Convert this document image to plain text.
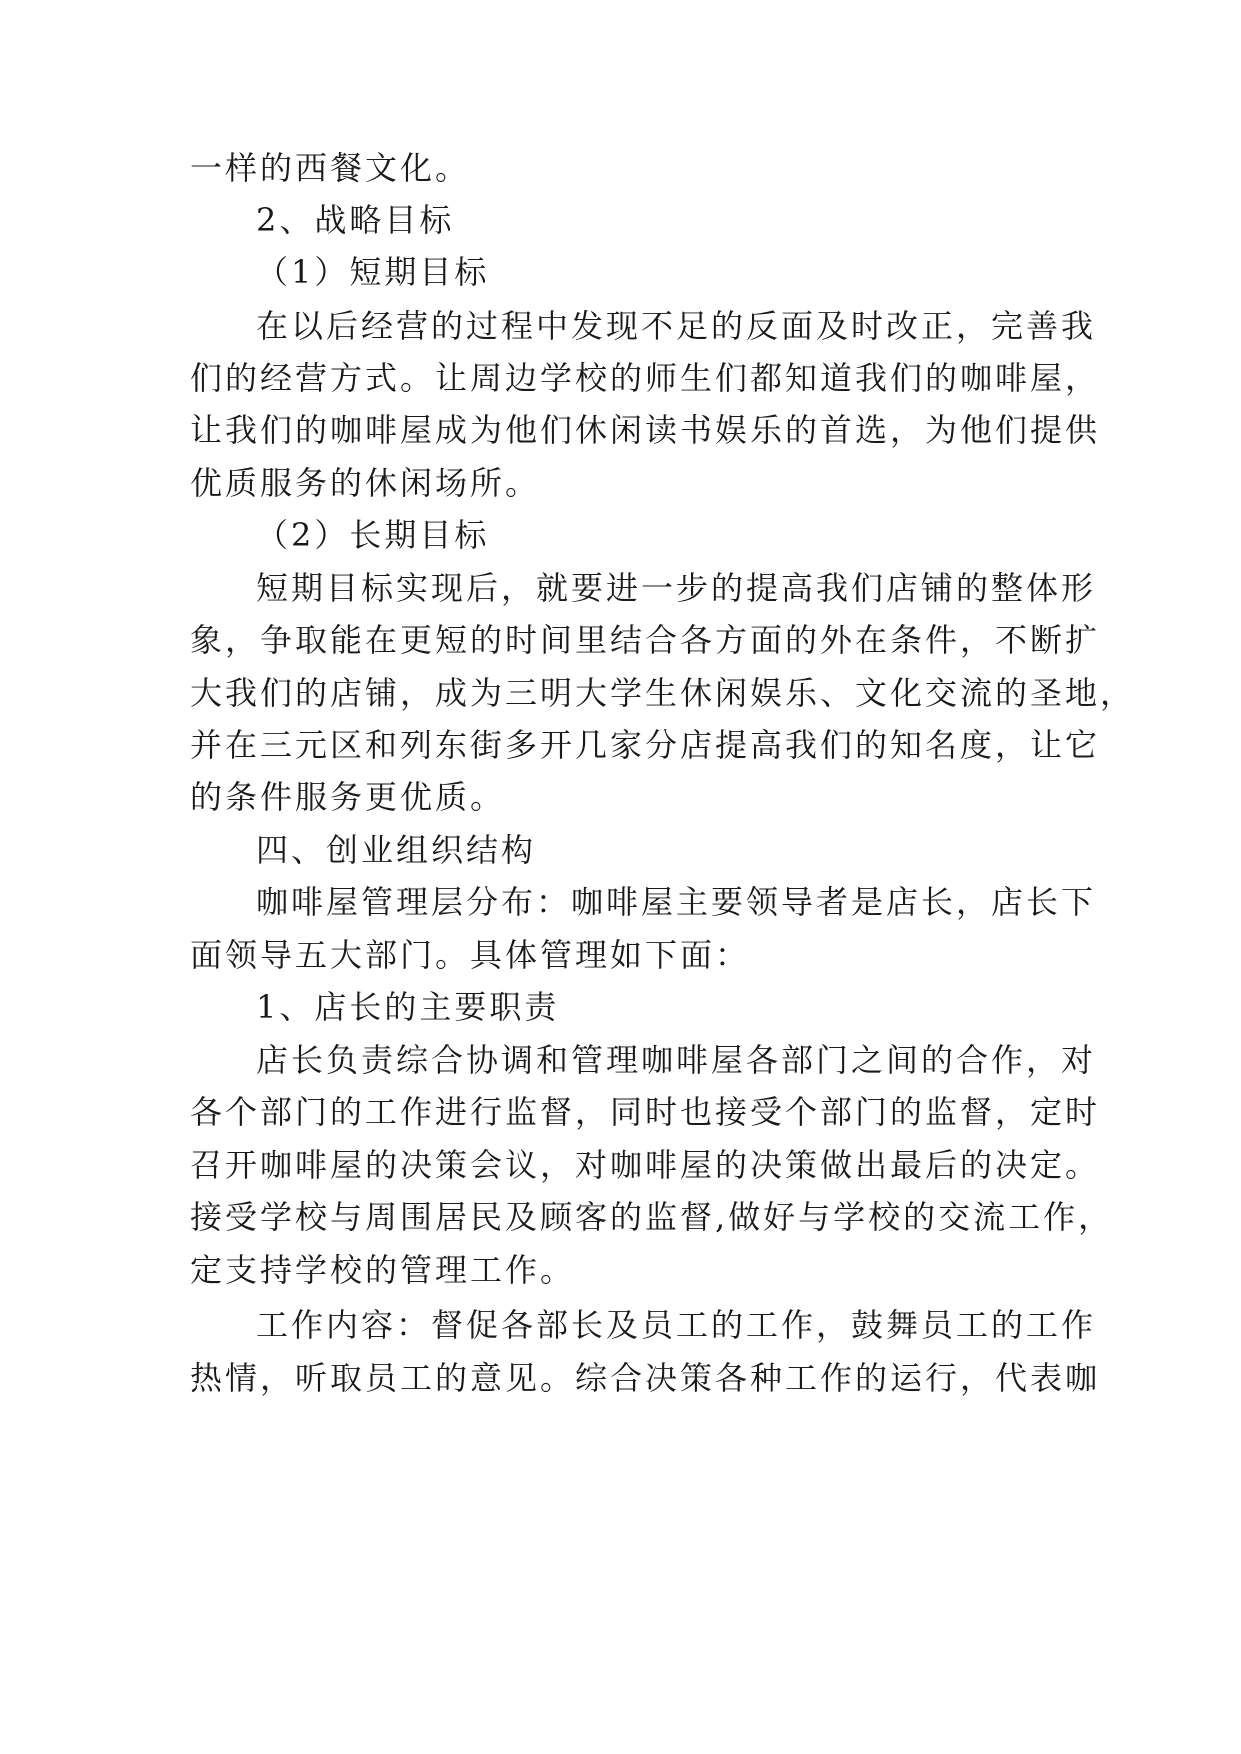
一样的西餐文化。
2、战略目标
（1）短期目标
在以后经营的过程中发现不足的反面及时改正，完善我
们的经营方式。让周边学校的师生们都知道我们的咖啡屋，
让我们的咖啡屋成为他们休闲读书娱乐的首选，为他们提供
优质服务的休闲场所。
（2）长期目标
短期目标实现后，就要进一步的提高我们店铺的整体形
象，争取能在更短的时间里结合各方面的外在条件，不断扩
大我们的店铺，成为三明大学生休闲娱乐、文化交流的圣地，
并在三元区和列东街多开几家分店提高我们的知名度，让它
的条件服务更优质。
四、创业组织结构
咖啡屋管理层分布：咖啡屋主要领导者是店长，店长下
面领导五大部门。具体管理如下面：
1、店长的主要职责
店长负责综合协调和管理咖啡屋各部门之间的合作，对
各个部门的工作进行监督，同时也接受个部门的监督，定时
召开咖啡屋的决策会议，对咖啡屋的决策做出最后的决定。
接受学校与周围居民及顾客的监督,做好与学校的交流工作，
定支持学校的管理工作。
工作内容：督促各部长及员工的工作，鼓舞员工的工作
热情，听取员工的意见。综合决策各种工作的运行，代表咖
